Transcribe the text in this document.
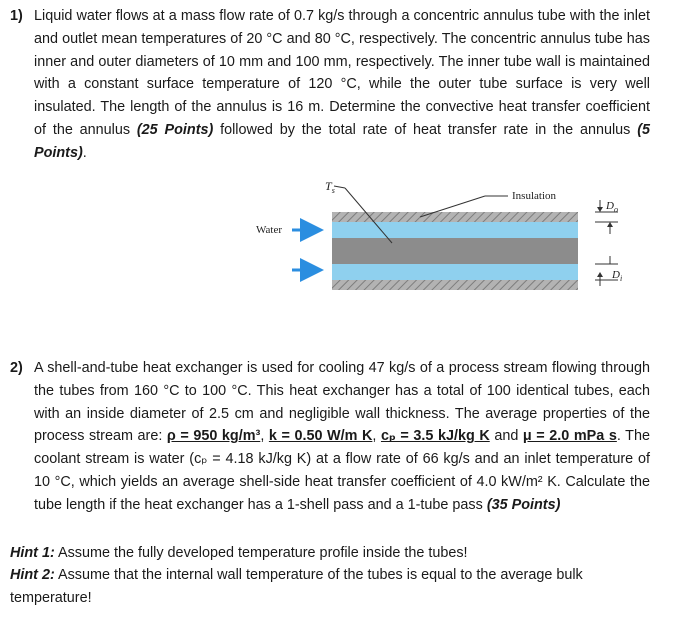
1) Liquid water flows at a mass flow rate of 0.7 kg/s through a concentric annulus tube with the inlet and outlet mean temperatures of 20 °C and 80 °C, respectively. The concentric annulus tube has inner and outer diameters of 10 mm and 100 mm, respectively. The inner tube wall is maintained with a constant surface temperature of 120 °C, while the outer tube surface is very well insulated. The length of the annulus is 16 m. Determine the convective heat transfer coefficient of the annulus (25 Points) followed by the total rate of heat transfer rate in the annulus (5 Points).
$T_s$	Insulation
Water
$D_o$
$D_i$
2) A shell-and-tube heat exchanger is used for cooling 47 kg/s of a process stream flowing through the tubes from 160 °C to 100 °C. This heat exchanger has a total of 100 identical tubes, each with an inside diameter of 2.5 cm and negligible wall thickness. The average properties of the process stream are: ρ = 950 kg/m³, k = 0.50 W/m K, cₚ = 3.5 kJ/kg K and μ = 2.0 mPa s. The coolant stream is water (cₚ = 4.18 kJ/kg K) at a flow rate of 66 kg/s and an inlet temperature of 10 °C, which yields an average shell-side heat transfer coefficient of 4.0 kW/m² K. Calculate the tube length if the heat exchanger has a 1-shell pass and a 1-tube pass (35 Points)
Hint 1: Assume the fully developed temperature profile inside the tubes!
Hint 2: Assume that the internal wall temperature of the tubes is equal to the average bulk temperature!
